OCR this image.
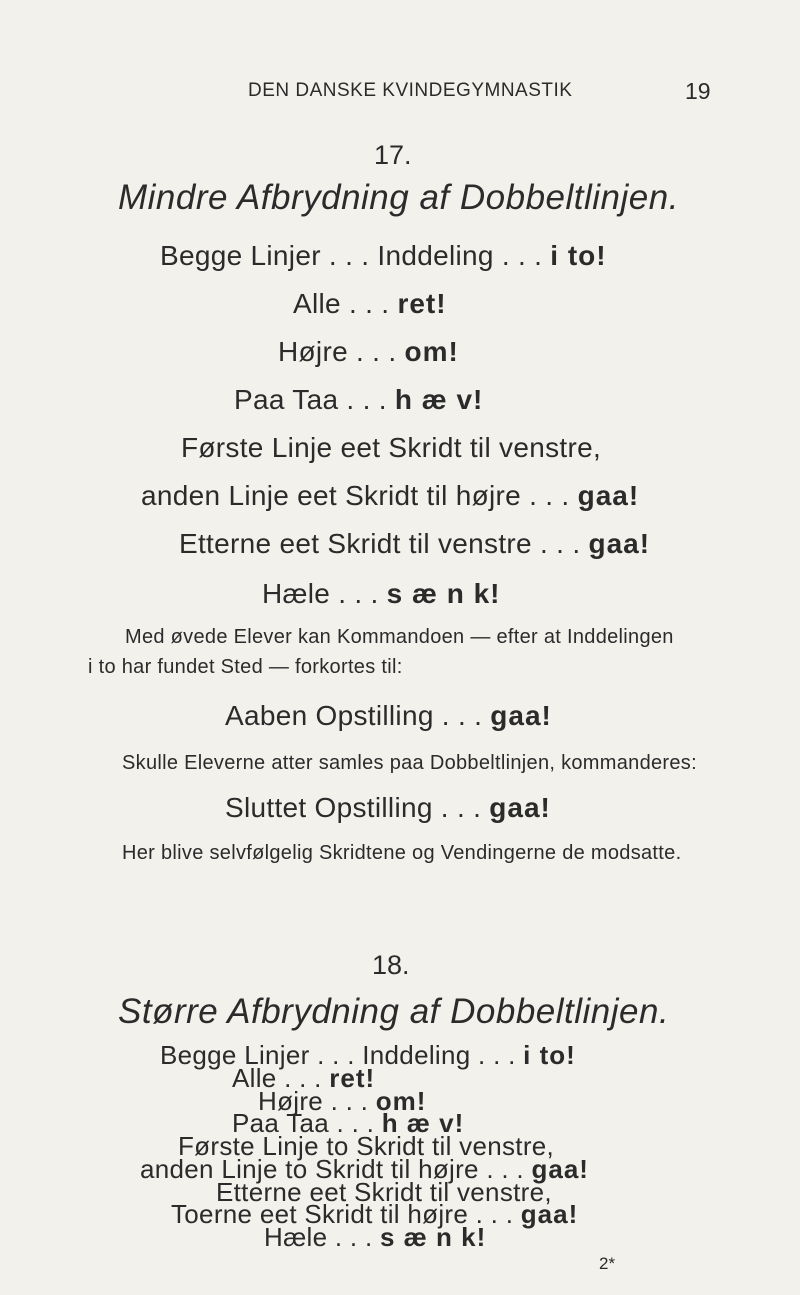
DEN DANSKE KVINDEGYMNASTIK	19
17.
Mindre Afbrydning af Dobbeltlinjen.
Begge Linjer . . . Inddeling . . . i to!
Alle . . . ret!
Højre . . . om!
Paa Taa . . . h æ v!
Første Linje eet Skridt til venstre,
anden Linje eet Skridt til højre . . . gaa!
Etterne eet Skridt til venstre . . . gaa!
Hæle . . . s æ n k!
Med øvede Elever kan Kommandoen — efter at Inddelingen
i to har fundet Sted — forkortes til:
Aaben Opstilling . . . gaa!
Skulle Eleverne atter samles paa Dobbeltlinjen, kommanderes:
Sluttet Opstilling . . . gaa!
Her blive selvfølgelig Skridtene og Vendingerne de modsatte.
18.
Større Afbrydning af Dobbeltlinjen.
Begge Linjer . . . Inddeling . . . i to!
Alle . . . ret!
Højre . . . om!
Paa Taa . . . h æ v!
Første Linje to Skridt til venstre,
anden Linje to Skridt til højre . . . gaa!
Etterne eet Skridt til venstre,
Toerne eet Skridt til højre . . . gaa!
Hæle . . . s æ n k!
2*
